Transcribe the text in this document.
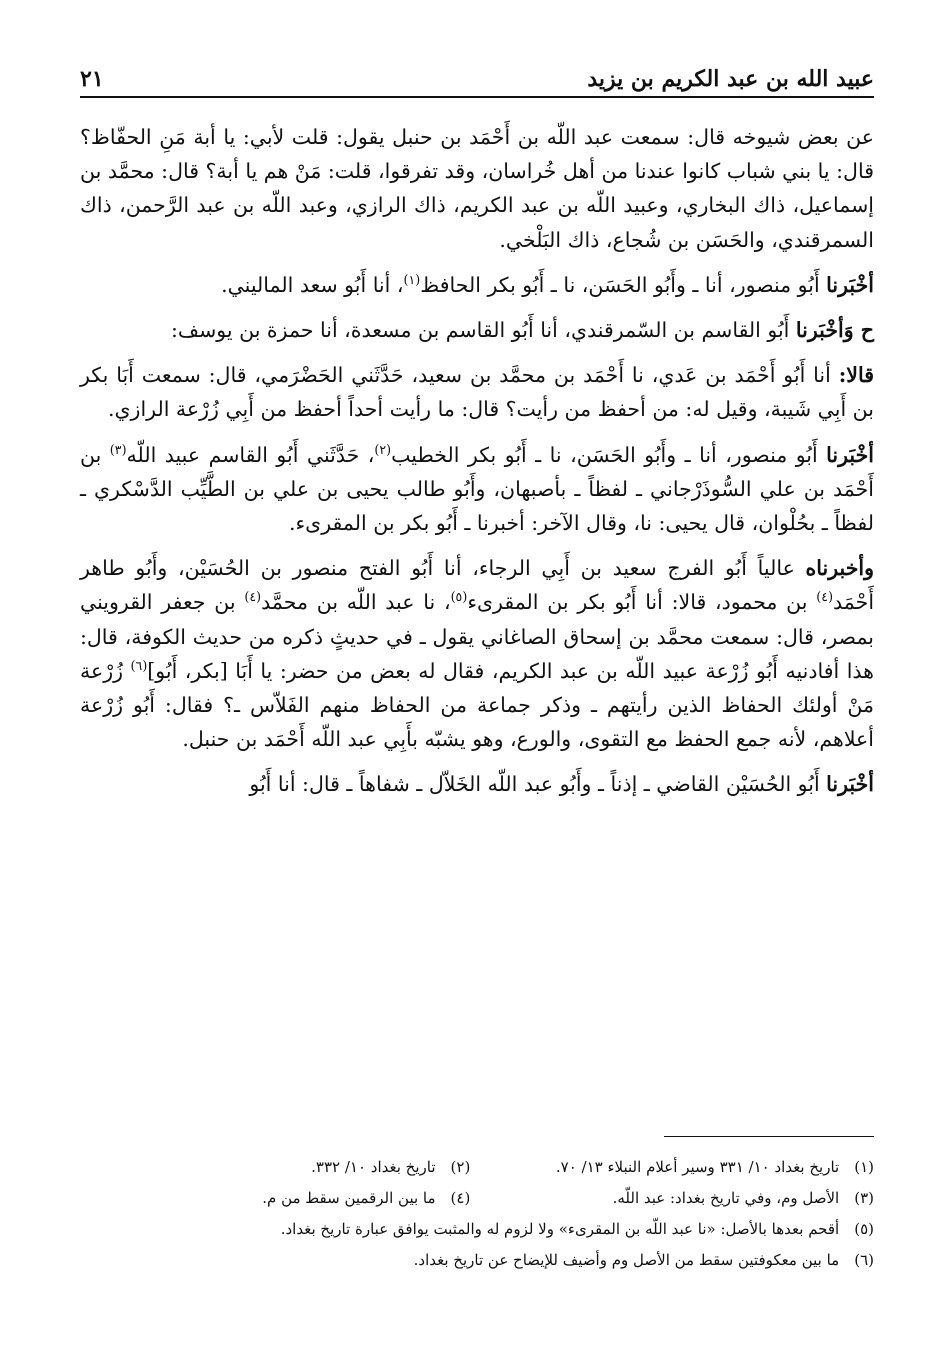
عبيد الله بن عبد الكريم بن يزيد
٢١

عن بعض شيوخه قال: سمعت عبد اللّه بن أَحْمَد بن حنبل يقول: قلت لأبي: يا أبة مَنِ الحفّاظ؟ قال: يا بني شباب كانوا عندنا من أهل خُراسان، وقد تفرقوا، قلت: مَنْ هم يا أبة؟ قال: محمَّد بن إسماعيل، ذاك البخاري، وعبيد اللّه بن عبد الكريم، ذاك الرازي، وعبد اللّه بن عبد الرَّحمن، ذاك السمرقندي، والحَسَن بن شُجاع، ذاك البَلْخي.

أخْبَرنا أَبُو منصور، أنا ـ وأَبُو الحَسَن، نا ـ أَبُو بكر الحافظ$^{(١)}$، أنا أَبُو سعد الماليني.

ح وَأخْبَرنا أَبُو القاسم بن السّمرقندي، أنا أَبُو القاسم بن مسعدة، أنا حمزة بن يوسف:

قالا: أنا أَبُو أَحْمَد بن عَدي، نا أَحْمَد بن محمَّد بن سعيد، حَدَّثَني الحَضْرَمي، قال: سمعت أَبَا بكر بن أَبِي شَيبة، وقيل له: من أحفظ من رأيت؟ قال: ما رأيت أحداً أحفظ من أَبِي زُرْعة الرازي.

أخْبَرنا أَبُو منصور، أنا ـ وأَبُو الحَسَن، نا ـ أَبُو بكر الخطيب$^{(٢)}$، حَدَّثَني أَبُو القاسم عبيد اللّه$^{(٣)}$ بن أَحْمَد بن علي السُّوذَرْجاني ـ لفظاً ـ بأصبهان، وأَبُو طالب يحيى بن علي بن الطَّيِّب الدَّسْكري ـ لفظاً ـ بحُلْوان، قال يحيى: نا، وقال الآخر: أخبرنا ـ أَبُو بكر بن المقرىء.

وأخبرناه عالياً أَبُو الفرج سعيد بن أَبِي الرجاء، أنا أَبُو الفتح منصور بن الحُسَيْن، وأَبُو طاهر أَحْمَد$^{(٤)}$ بن محمود، قالا: أنا أَبُو بكر بن المقرىء$^{(٥)}$، نا عبد اللّه بن محمَّد$^{(٤)}$ بن جعفر القرويني بمصر، قال: سمعت محمَّد بن إسحاق الصاغاني يقول ـ في حديثٍ ذكره من حديث الكوفة، قال: هذا أفادنيه أَبُو زُرْعة عبيد اللّه بن عبد الكريم، فقال له بعض من حضر: يا أَبَا [بكر، أَبُو]$^{(٦)}$ زُرْعة مَنْ أولئك الحفاظ الذين رأيتهم ـ وذكر جماعة من الحفاظ منهم الفَلاّس ـ؟ فقال: أَبُو زُرْعة أعلاهم، لأنه جمع الحفظ مع التقوى، والورع، وهو يشبّه بأَبِي عبد اللّه أَحْمَد بن حنبل.

أخْبَرنا أَبُو الحُسَيْن القاضي ـ إذناً ـ وأَبُو عبد اللّه الخَلاّل ـ شفاهاً ـ قال: أنا أَبُو

(١) تاريخ بغداد ١٠/ ٣٣١ وسير أعلام النبلاء ١٣/ ٧٠.
(٢) تاريخ بغداد ١٠/ ٣٣٢.
(٣) الأصل وم، وفي تاريخ بغداد: عبد اللّه.
(٤) ما بين الرقمين سقط من م.
(٥) أقحم بعدها بالأصل: «نا عبد اللّه بن المقرىء» ولا لزوم له والمثبت يوافق عبارة تاريخ بغداد.
(٦) ما بين معكوفتين سقط من الأصل وم وأضيف للإيضاح عن تاريخ بغداد.
